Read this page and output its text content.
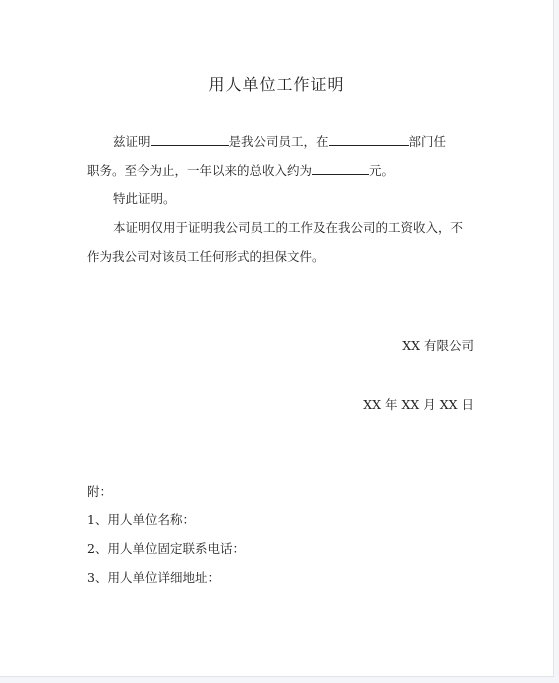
用人单位工作证明
兹证明	是我公司员工，在	部门任
职务。至今为止，一年以来的总收入约为	元。
特此证明。
本证明仅用于证明我公司员工的工作及在我公司的工资收入，不
作为我公司对该员工任何形式的担保文件。
XX 有限公司
XX 年 XX 月 XX 日
附：
1、用人单位名称：
2、用人单位固定联系电话：
3、用人单位详细地址：
